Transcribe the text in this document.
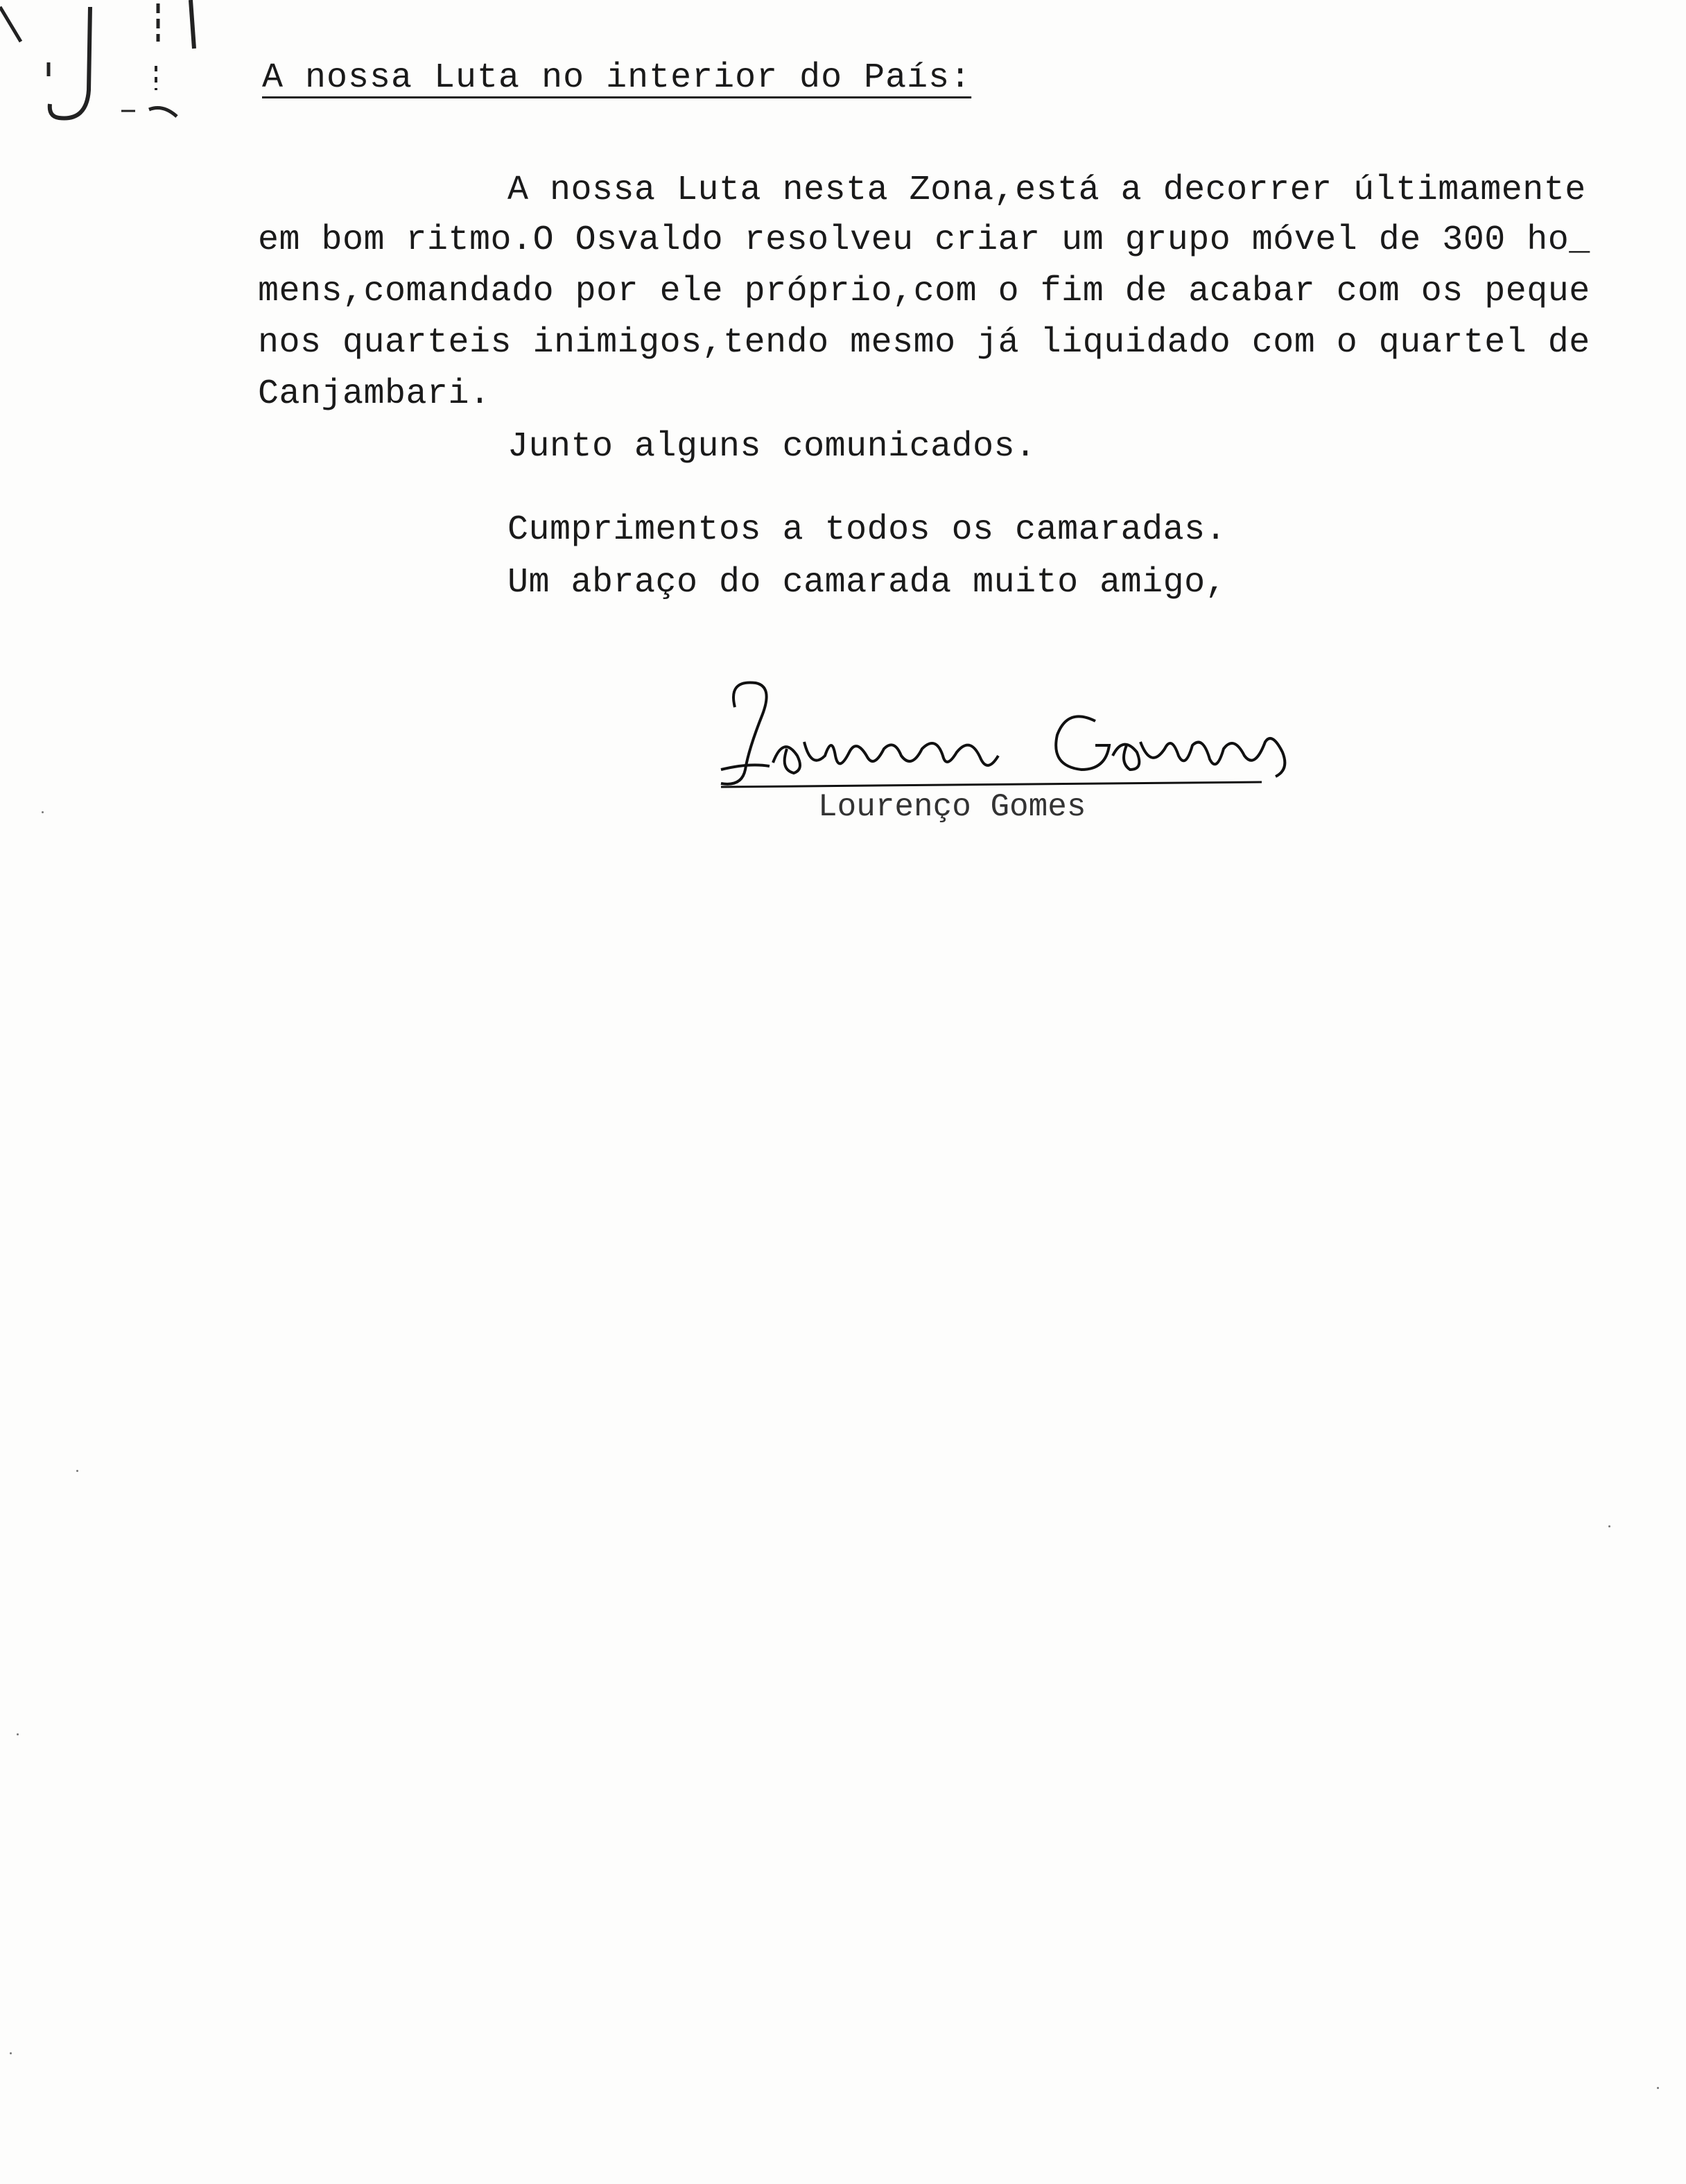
A nossa Luta no interior do País:
A nossa Luta nesta Zona,está a decorrer últimamente
em bom ritmo.O Osvaldo resolveu criar um grupo móvel de 300 ho_
mens,comandado por ele próprio,com o fim de acabar com os peque
nos quarteis inimigos,tendo mesmo já liquidado com o quartel de
Canjambari.
Junto alguns comunicados.
Cumprimentos a todos os camaradas.
Um abraço do camarada muito amigo,
Lourenço Gomes
